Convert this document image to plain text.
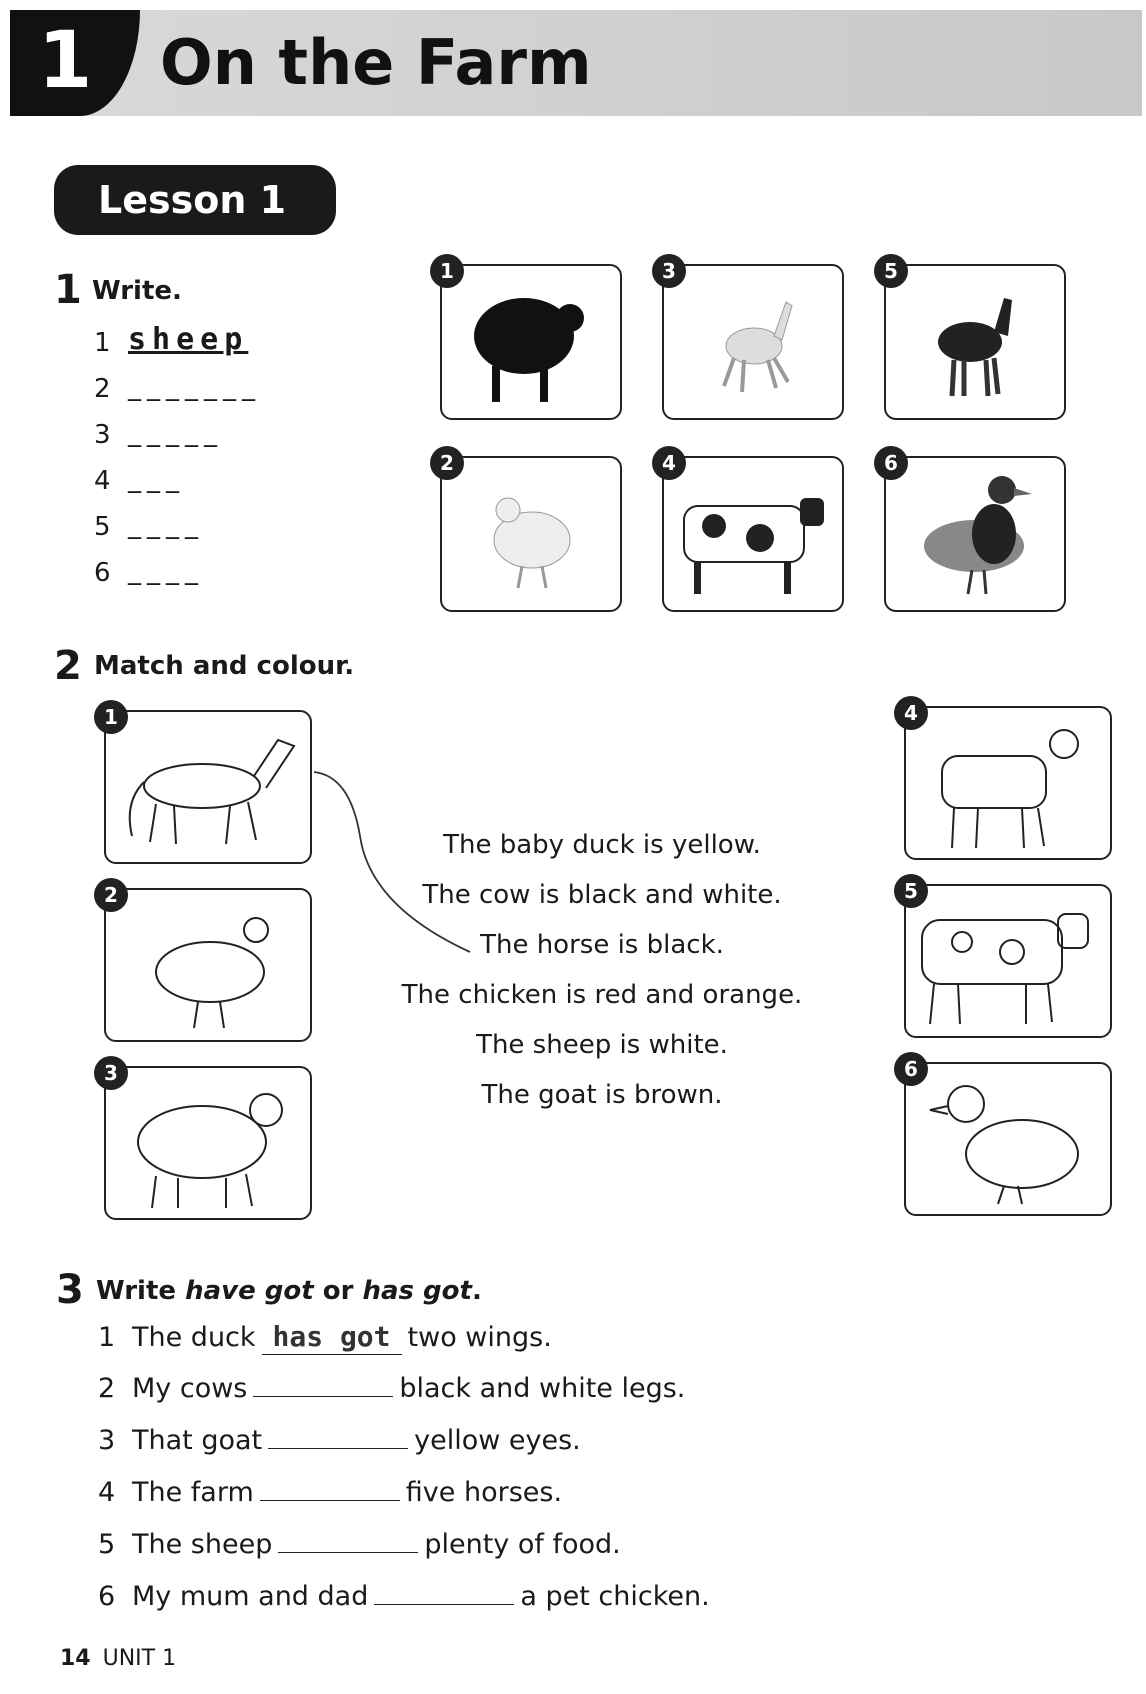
1 On the Farm
Lesson 1
1 Write.
1 sheep
2 _______
3 _____
4 ___
5 ____
6 ____
1	3	5
2	4	6
2 Match and colour.
1
2
3
4
5
6
The baby duck is yellow.
The cow is black and white.
The horse is black.
The chicken is red and orange.
The sheep is white.
The goat is brown.
3 Write have got or has got.
1 The duck has got two wings.
2 My cows	black and white legs.
3 That goat	yellow eyes.
4 The farm	five horses.
5 The sheep	plenty of food.
6 My mum and dad	a pet chicken.
14 UNIT 1
